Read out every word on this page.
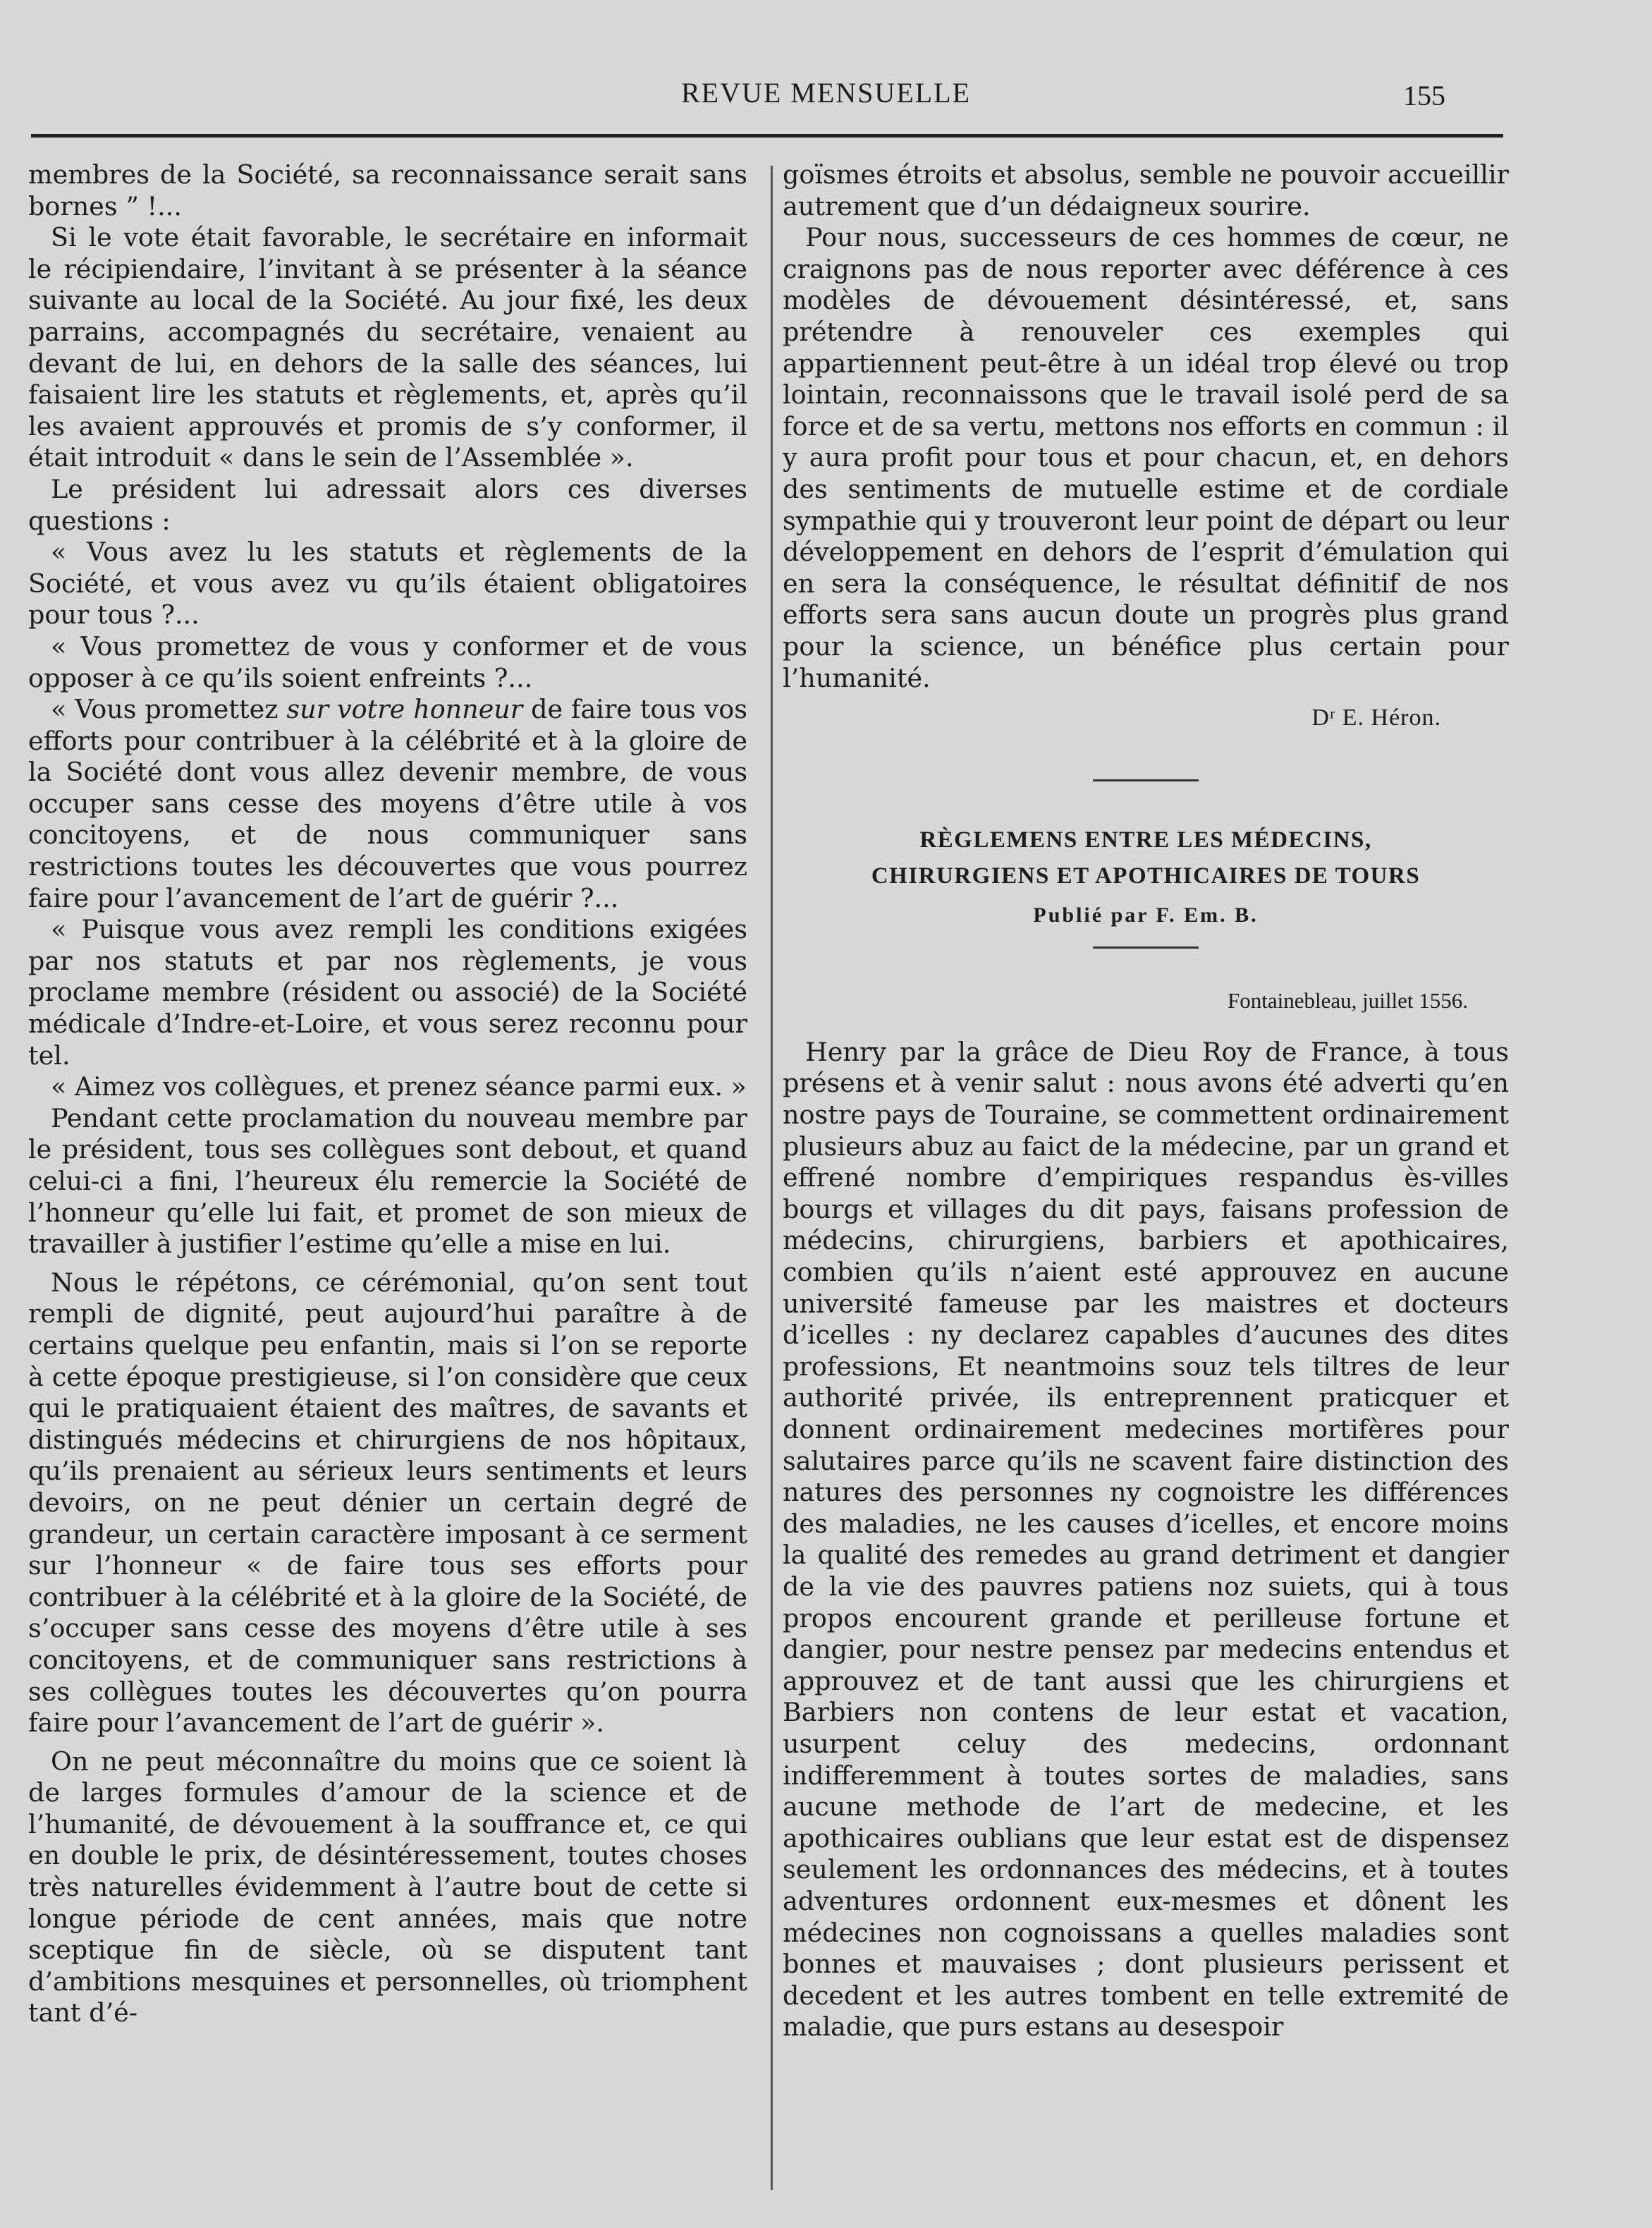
REVUE MENSUELLE	155

membres de la Société, sa reconnaissance serait sans bornes ” !...

Si le vote était favorable, le secrétaire en informait le récipiendaire, l’invitant à se présenter à la séance suivante au local de la Société. Au jour fixé, les deux parrains, accompagnés du secrétaire, venaient au devant de lui, en dehors de la salle des séances, lui faisaient lire les statuts et règlements, et, après qu’il les avaient approuvés et promis de s’y conformer, il était introduit « dans le sein de l’Assemblée ».

Le président lui adressait alors ces diverses questions :

« Vous avez lu les statuts et règlements de la Société, et vous avez vu qu’ils étaient obligatoires pour tous ?...

« Vous promettez de vous y conformer et de vous opposer à ce qu’ils soient enfreints ?...

« Vous promettez sur votre honneur de faire tous vos efforts pour contribuer à la célébrité et à la gloire de la Société dont vous allez devenir membre, de vous occuper sans cesse des moyens d’être utile à vos concitoyens, et de nous communiquer sans restrictions toutes les découvertes que vous pourrez faire pour l’avancement de l’art de guérir ?...

« Puisque vous avez rempli les conditions exigées par nos statuts et par nos règlements, je vous proclame membre (résident ou associé) de la Société médicale d’Indre-et-Loire, et vous serez reconnu pour tel.

« Aimez vos collègues, et prenez séance parmi eux. »

Pendant cette proclamation du nouveau membre par le président, tous ses collègues sont debout, et quand celui-ci a fini, l’heureux élu remercie la Société de l’honneur qu’elle lui fait, et promet de son mieux de travailler à justifier l’estime qu’elle a mise en lui.

Nous le répétons, ce cérémonial, qu’on sent tout rempli de dignité, peut aujourd’hui paraître à de certains quelque peu enfantin, mais si l’on se reporte à cette époque prestigieuse, si l’on considère que ceux qui le pratiquaient étaient des maîtres, de savants et distingués médecins et chirurgiens de nos hôpitaux, qu’ils prenaient au sérieux leurs sentiments et leurs devoirs, on ne peut dénier un certain degré de grandeur, un certain caractère imposant à ce serment sur l’honneur « de faire tous ses efforts pour contribuer à la célébrité et à la gloire de la Société, de s’occuper sans cesse des moyens d’être utile à ses concitoyens, et de communiquer sans restrictions à ses collègues toutes les découvertes qu’on pourra faire pour l’avancement de l’art de guérir ».

On ne peut méconnaître du moins que ce soient là de larges formules d’amour de la science et de l’humanité, de dévouement à la souffrance et, ce qui en double le prix, de désintéressement, toutes choses très naturelles évidemment à l’autre bout de cette si longue période de cent années, mais que notre sceptique fin de siècle, où se disputent tant d’ambitions mesquines et personnelles, où triomphent tant d’é-

goïsmes étroits et absolus, semble ne pouvoir accueillir autrement que d’un dédaigneux sourire.

Pour nous, successeurs de ces hommes de cœur, ne craignons pas de nous reporter avec déférence à ces modèles de dévouement désintéressé, et, sans prétendre à renouveler ces exemples qui appartiennent peut-être à un idéal trop élevé ou trop lointain, reconnaissons que le travail isolé perd de sa force et de sa vertu, mettons nos efforts en commun : il y aura profit pour tous et pour chacun, et, en dehors des sentiments de mutuelle estime et de cordiale sympathie qui y trouveront leur point de départ ou leur développement en dehors de l’esprit d’émulation qui en sera la conséquence, le résultat définitif de nos efforts sera sans aucun doute un progrès plus grand pour la science, un bénéfice plus certain pour l’humanité.

Dʳ E. Héron.
RÈGLEMENS ENTRE LES MÉDECINS,
CHIRURGIENS ET APOTHICAIRES DE TOURS
Publié par F. Em. B.
Fontainebleau, juillet 1556.

Henry par la grâce de Dieu Roy de France, à tous présens et à venir salut : nous avons été adverti qu’en nostre pays de Touraine, se commettent ordinairement plusieurs abuz au faict de la médecine, par un grand et effrené nombre d’empiriques respandus ès-villes bourgs et villages du dit pays, faisans profession de médecins, chirurgiens, barbiers et apothicaires, combien qu’ils n’aient esté approuvez en aucune université fameuse par les maistres et docteurs d’icelles : ny declarez capables d’aucunes des dites professions, Et neantmoins souz tels tiltres de leur authorité privée, ils entreprennent praticquer et donnent ordinairement medecines mortifères pour salutaires parce qu’ils ne scavent faire distinction des natures des personnes ny cognoistre les différences des maladies, ne les causes d’icelles, et encore moins la qualité des remedes au grand detriment et dangier de la vie des pauvres patiens noz suiets, qui à tous propos encourent grande et perilleuse fortune et dangier, pour nestre pensez par medecins entendus et approuvez et de tant aussi que les chirurgiens et Barbiers non contens de leur estat et vacation, usurpent celuy des medecins, ordonnant indifferemment à toutes sortes de maladies, sans aucune methode de l’art de medecine, et les apothicaires oublians que leur estat est de dispensez seulement les ordonnances des médecins, et à toutes adventures ordonnent eux-mesmes et dônent les médecines non cognoissans a quelles maladies sont bonnes et mauvaises ; dont plusieurs perissent et decedent et les autres tombent en telle extremité de maladie, que purs estans au desespoir
